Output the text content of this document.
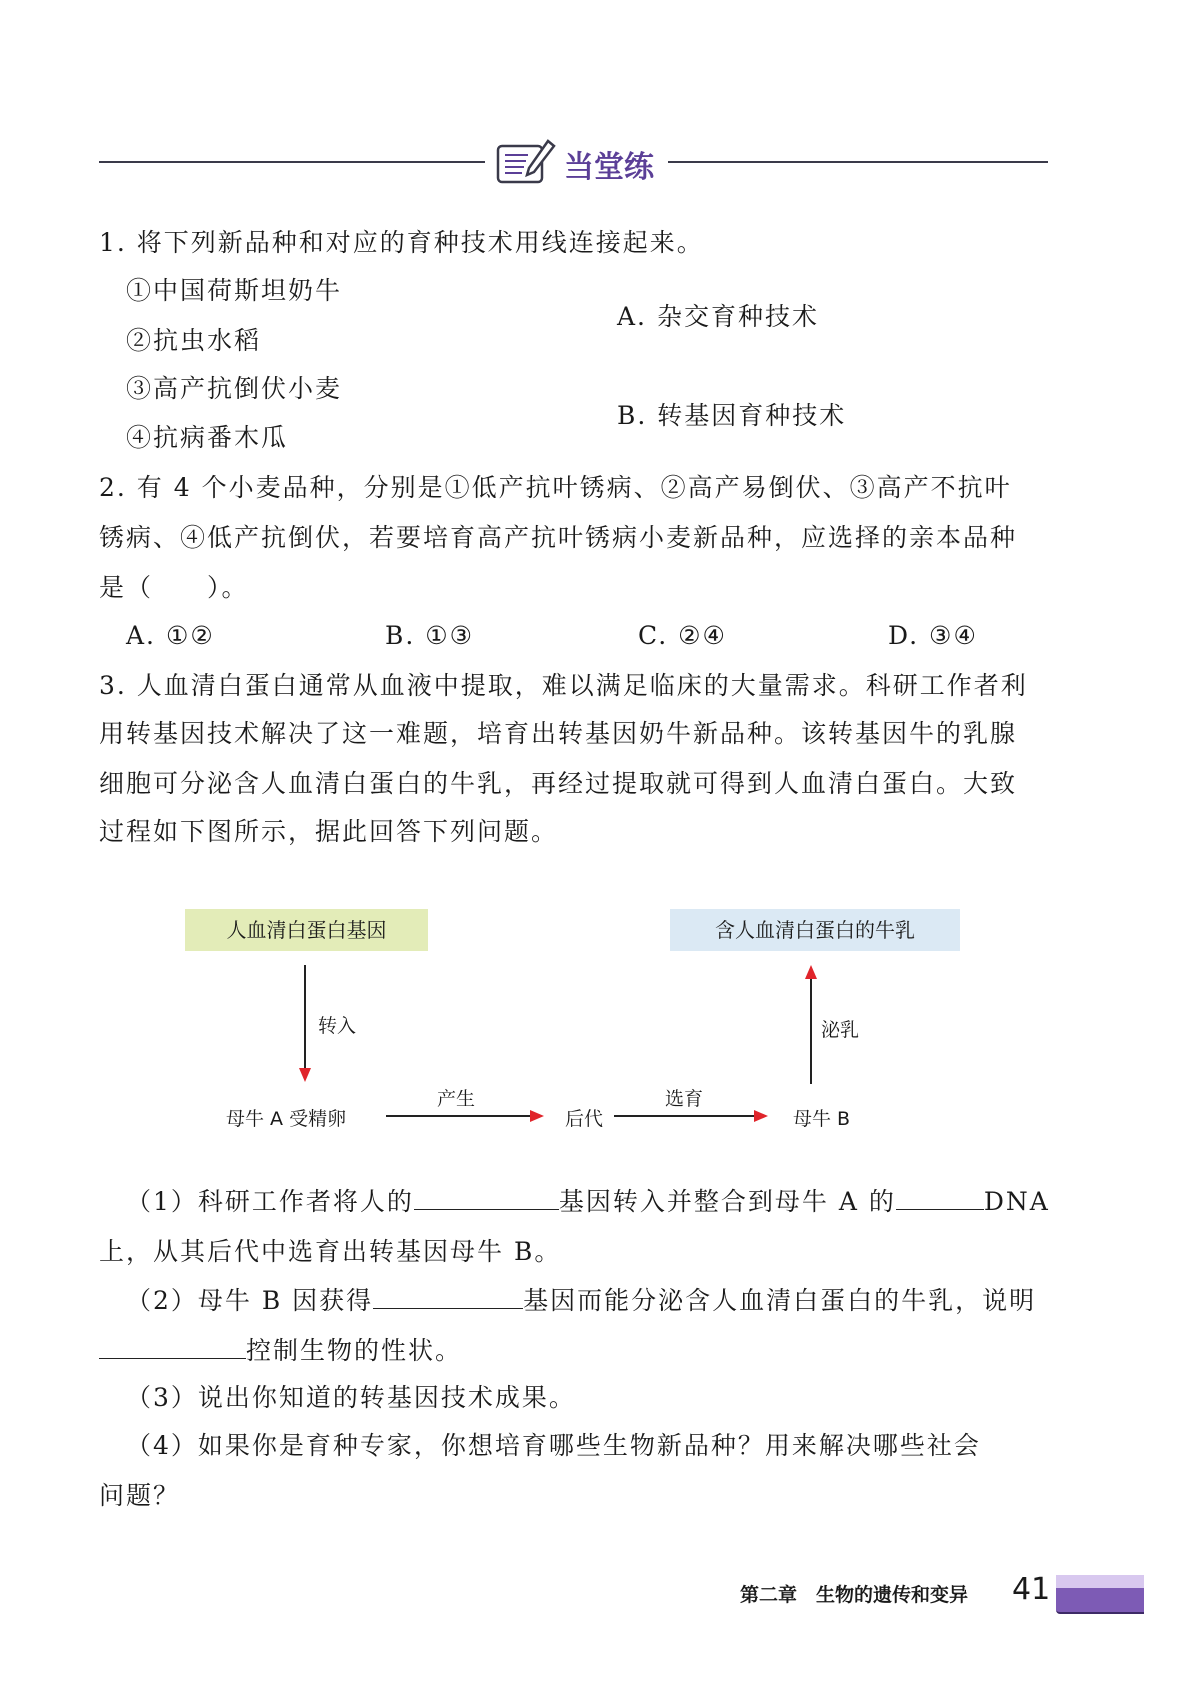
当堂练
1. 将下列新品种和对应的育种技术用线连接起来。
①中国荷斯坦奶牛
②抗虫水稻
③高产抗倒伏小麦
④抗病番木瓜
A. 杂交育种技术
B. 转基因育种技术
2. 有 4 个小麦品种，分别是①低产抗叶锈病、②高产易倒伏、③高产不抗叶
锈病、④低产抗倒伏，若要培育高产抗叶锈病小麦新品种，应选择的亲本品种
是（　　）。
A. ①②	B. ①③	C. ②④	D. ③④
3. 人血清白蛋白通常从血液中提取，难以满足临床的大量需求。科研工作者利
用转基因技术解决了这一难题，培育出转基因奶牛新品种。该转基因牛的乳腺
细胞可分泌含人血清白蛋白的牛乳，再经过提取就可得到人血清白蛋白。大致
过程如下图所示，据此回答下列问题。
人血清白蛋白基因	含人血清白蛋白的牛乳
转入
母牛 A 受精卵
产生
后代
选育
母牛 B
泌乳
（1）科研工作者将人的	基因转入并整合到母牛 A 的	DNA
上，从其后代中选育出转基因母牛 B。
（2）母牛 B 因获得	基因而能分泌含人血清白蛋白的牛乳，说明
控制生物的性状。
（3）说出你知道的转基因技术成果。
（4）如果你是育种专家，你想培育哪些生物新品种？用来解决哪些社会
问题？
第二章　生物的遗传和变异 41
